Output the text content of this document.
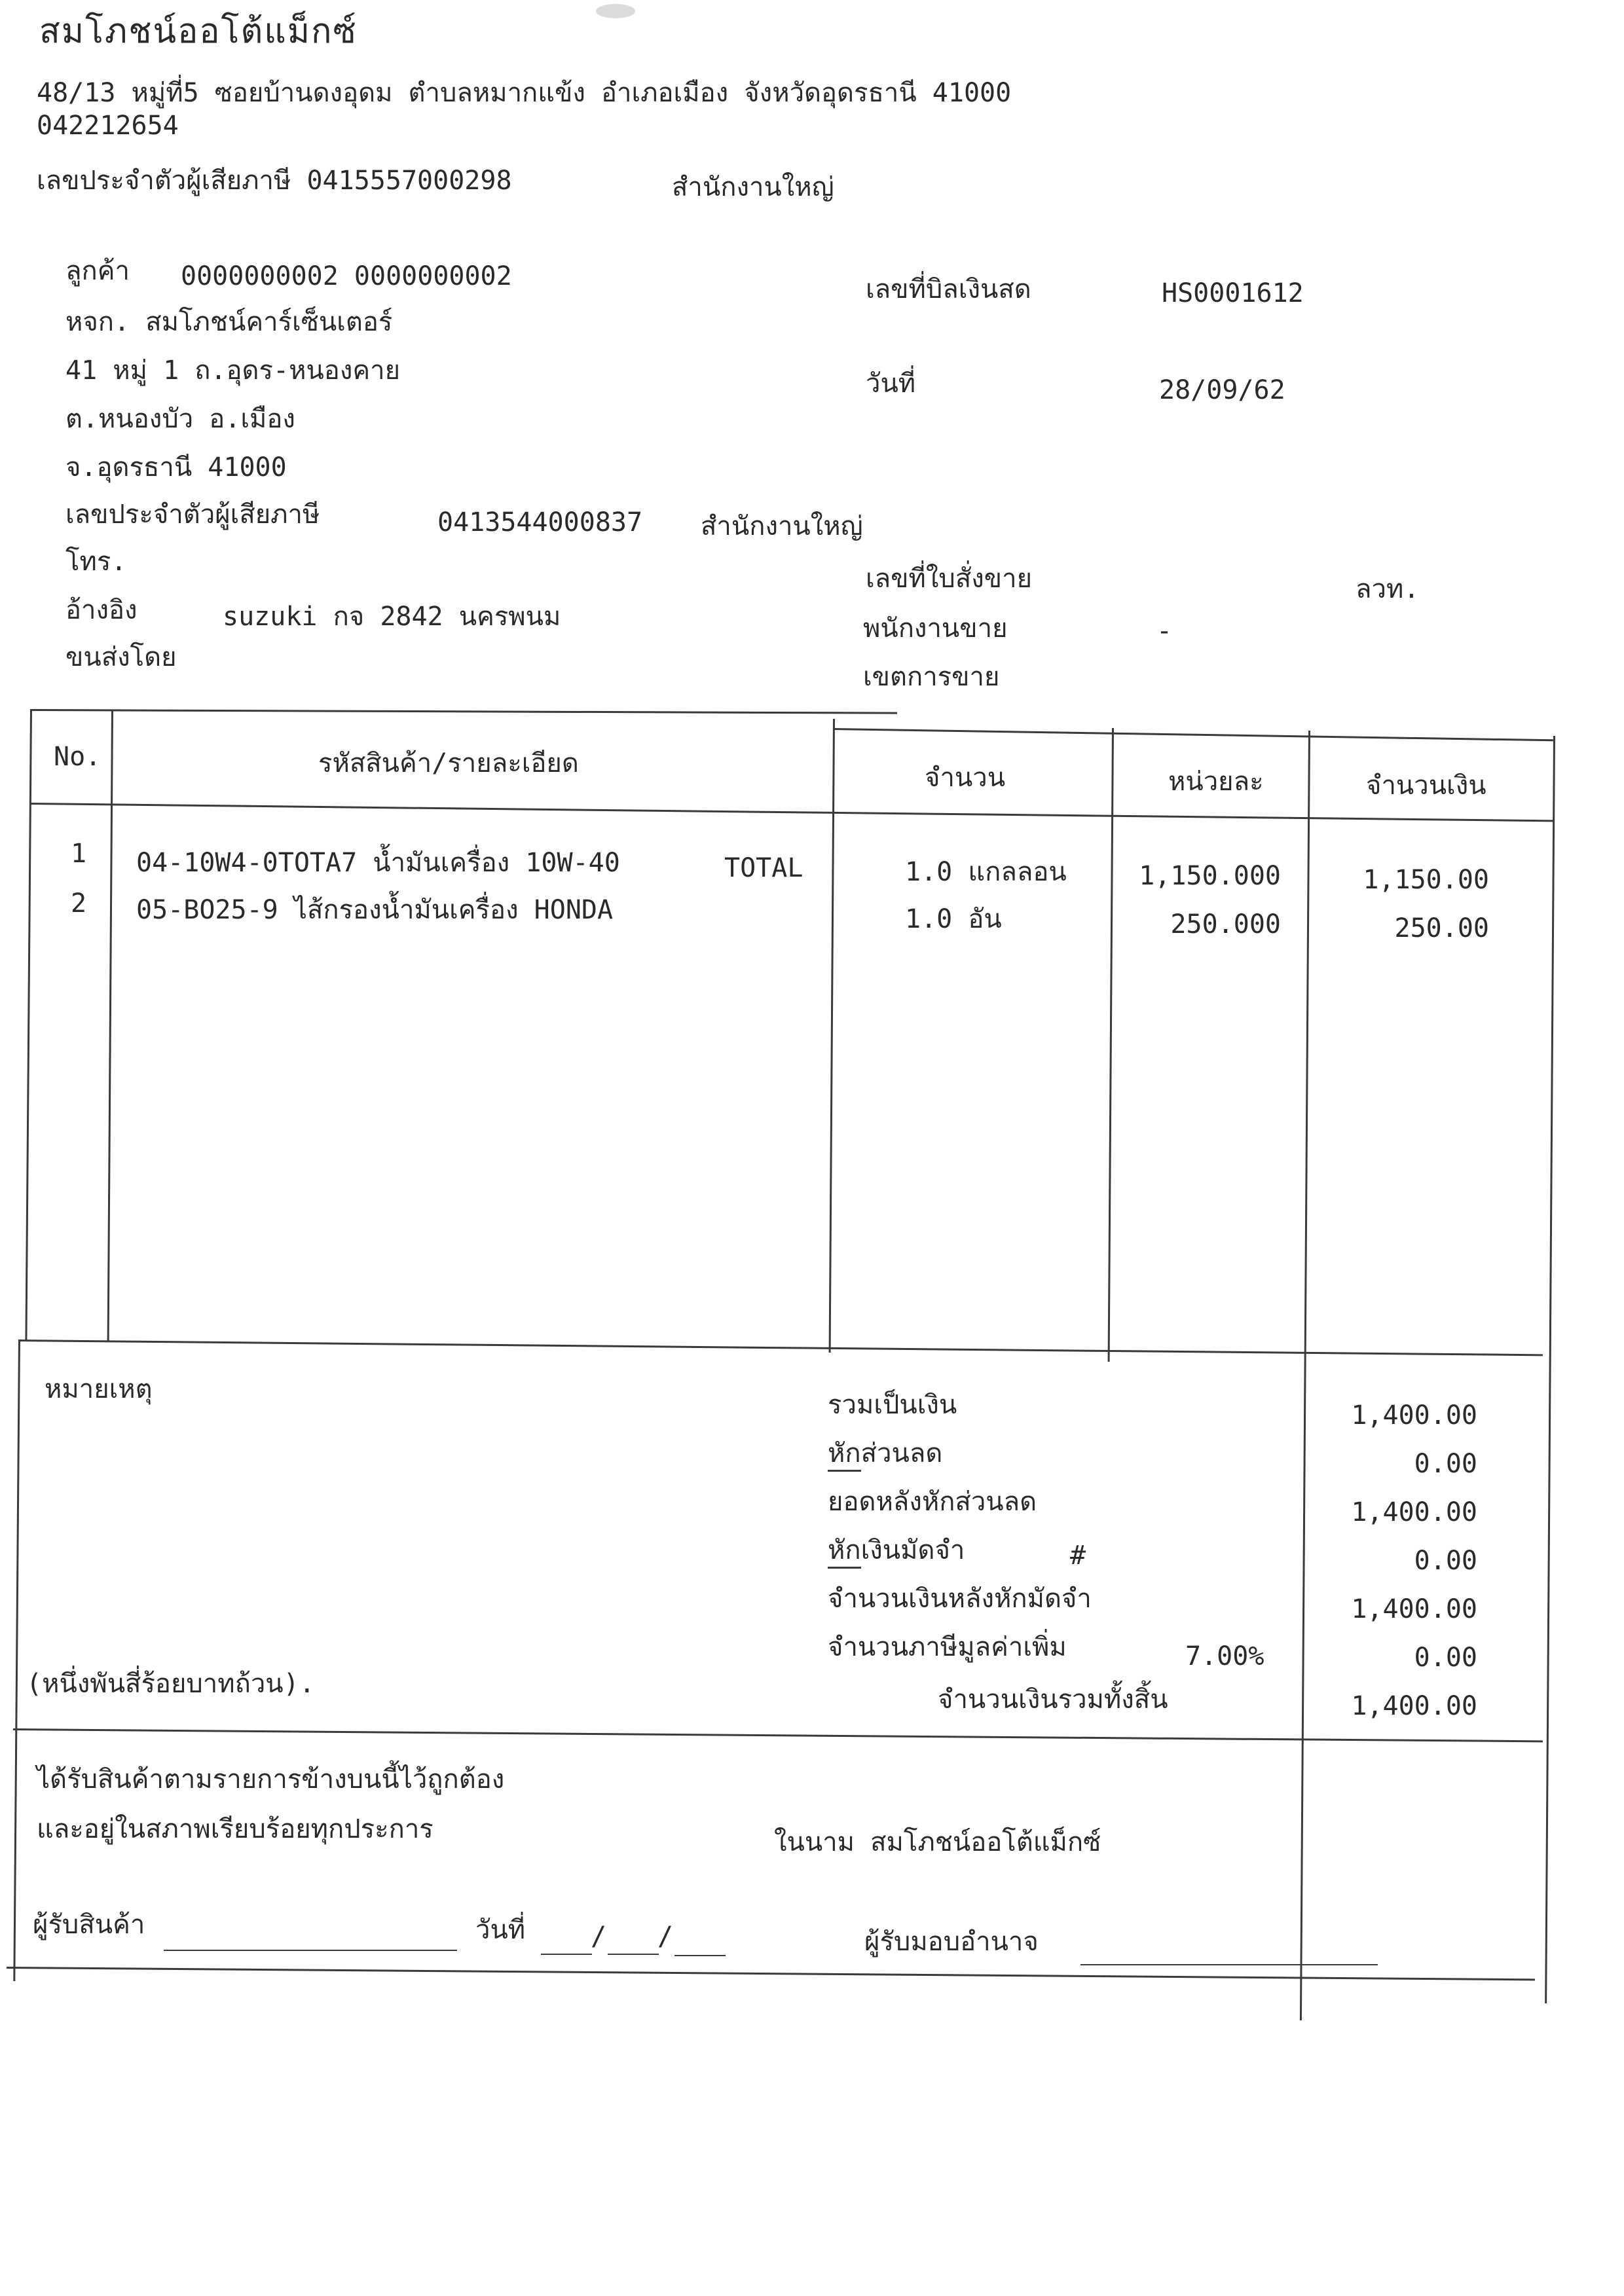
สมโภชน์ออโต้แม็กซ์
48/13 หมู่ที่5 ซอยบ้านดงอุดม ตำบลหมากแข้ง อำเภอเมือง จังหวัดอุดรธานี 41000
042212654
เลขประจำตัวผู้เสียภาษี 0415557000298	สำนักงานใหญ่
ลูกค้า 0000000002 0000000002
หจก. สมโภชน์คาร์เซ็นเตอร์
41 หมู่ 1 ถ.อุดร-หนองคาย
ต.หนองบัว อ.เมือง
จ.อุดรธานี 41000
เลขประจำตัวผู้เสียภาษี	0413544000837 สำนักงานใหญ่
โทร.
อ้างอิง	suzuki กจ 2842 นครพนม
ขนส่งโดย
เลขที่บิลเงินสด	HS0001612
วันที่	28/09/62
เลขที่ใบสั่งขาย	ลวท.
พนักงานขาย	-
เขตการขาย
No.	รหัสสินค้า/รายละเอียด	จำนวน	หน่วยละ	จำนวนเงิน
1 04-10W4-0TOTA7 น้ำมันเครื่อง 10W-40	TOTAL	1.0 แกลลอน	1,150.000	1,150.00
2 05-BO25-9 ไส้กรองน้ำมันเครื่อง HONDA	1.0 อัน	250.000	250.00
หมายเหตุ
(หนึ่งพันสี่ร้อยบาทถ้วน).
รวมเป็นเงิน	1,400.00
หักส่วนลด	0.00
ยอดหลังหักส่วนลด	1,400.00
หักเงินมัดจำ	#	0.00
จำนวนเงินหลังหักมัดจำ	1,400.00
จำนวนภาษีมูลค่าเพิ่ม	7.00%	0.00
จำนวนเงินรวมทั้งสิ้น	1,400.00
ได้รับสินค้าตามรายการข้างบนนี้ไว้ถูกต้อง
และอยู่ในสภาพเรียบร้อยทุกประการ	ในนาม สมโภชน์ออโต้แม็กซ์
ผู้รับสินค้า	วันที่ / /	ผู้รับมอบอำนาจ
